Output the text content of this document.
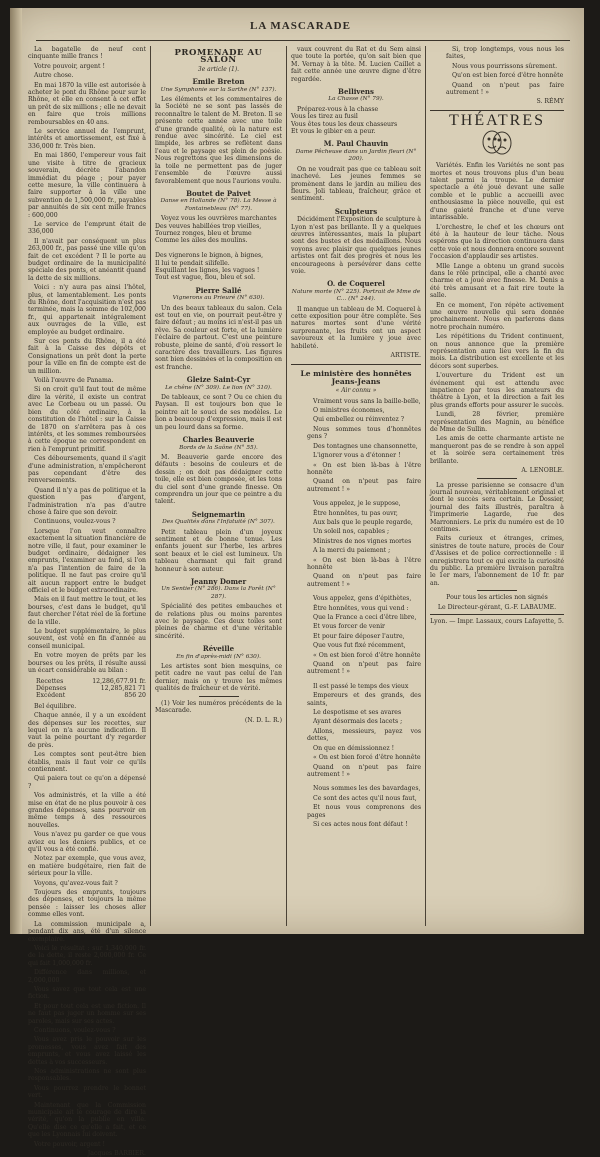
LA MASCARADE

La bagatelle de neuf cent cinquante mille francs !

Votre pouvoir, argent !

Autre chose.

En mai 1870 la ville est autorisée à acheter le pont du Rhône pour sur le Rhône, et elle en consent à cet effet un prêt de six millions ; elle ne devait en faire que trois millions remboursables en 40 ans.

Le service annuel de l'emprunt, intérêts et amortissement, est fixé à 336,000 fr. Très bien.

En mai 1860, l'empereur vous fait une visite à titre de gracieux souverain, décrète l'abandon immédiat du péage ; pour payer cette mesure, la ville continuera à faire supporter à la ville une subvention de 1,500,000 fr., payables par annuités de six cent mille francs : 600,000

Le service de l'emprunt était de 336,000

Il n'avait par conséquent un plus 263,000 fr., pas passé une ville qu'on fait de cet excédent ? Il le porte au budget ordinaire de la municipalité spéciale des ponts, et anéantit quand la dette de six millions.

Voici : n'y aura pas ainsi l'hôtel, plus, et lamentablement. Les ponts du Rhône, dont l'acquisition n'est pas terminée, mais la somme de 102,000 fr., qui appartenait intégralement aux ouvrages de la ville, est employée au budget ordinaire.

Sur ces ponts du Rhône, il a été fait à la Caisse des dépôts et Consignations un prêt dont la perte pour la ville en fin de compte est de un million.

Voilà l'œuvre de Panama.

Si on croit qu'il faut tout de même dire la vérité, il existe un contrat avec Le Corbeau ou un passé. Ou bien du côté ordinaire, à la constitution de l'hôtel : sur la Caisse de 1870 on s'arrêtera pas à ces intérêts, et les sommes remboursées à cette époque ne correspondent en rien à l'emprunt primitif.

Ces déboursements, quand il s'agit d'une administration, n'empêcheront pas cependant d'être des renversements.

Quand il n'y a pas de politique et la question pas d'argent, l'administration n'a pas d'autre chose à faire que son devoir.

Continuons, voulez-vous ?

Lorsque l'on veut connaître exactement la situation financière de notre ville, il faut, pour examiner le budget ordinaire, dédaigner les emprunts, l'examiner au fond, si l'on n'a pas l'intention de faire de la politique. Il ne faut pas croire qu'il ait aucun rapport entre le budget officiel et le budget extraordinaire.

Mais en il faut mettre le tout, et les bourses, c'est dans le budget, qu'il faut chercher l'état réel de la fortune de la ville.

Le budget supplémentaire, le plus souvent, est voté en fin d'année au conseil municipal.

En votre moyen de prêts par les bourses ou les prêts, il résulte aussi un écart considérable au bilan :

Recettes	12,286,677.91 fr.
Dépenses	12,285,821 71
Excédent	856 20

Bel équilibre.

Chaque année, il y a un excédent des dépenses sur les recettes, sur lequel on n'a aucune indication. Il vaut la peine pourtant d'y regarder de près.

Les comptes sont peut-être bien établis, mais il faut voir ce qu'ils contiennent.

Qui paiera tout ce qu'on a dépensé ?

Vos administrés, et la ville a été mise en état de ne plus pouvoir à ces grandes dépenses, sans pourvoir en même temps à des ressources nouvelles.

Vous n'avez pu garder ce que vous aviez eu les deniers publics, et ce qu'il vous a été confié.

Notez par exemple, que vous avez, en matière budgétaire, rien fait de sérieux pour la ville.

Voyons, qu'avez-vous fait ?

Toujours des emprunts, toujours des dépenses, et toujours la même pensée : laisser les choses aller comme elles vont.

La commission municipale a, pendant dix ans, été d'un silence exemplaire.

Voici le résultat : sur 1,340,000 fr. de la dette, il reste 2,000,000 fr. Ce qui fait 1,000,000 fr.

Différence dans millions, et 2,000,000

Vous savez que tout cela est une fiction.

Et pour tout cela est une fiction. Il ne faut pas juger un homme sur ses paroles, mais sur ses actes.

Continuons, voulez-vous ?

Vous avez pris le pouvoir sur les promesses, vous avez fait des emprunts, et vous avez laissé les dettes à vos successeurs.

Nos administrations ne sont plus responsables.

Vous pourrez prendre le bonnet vert.

Maintenant que la Commission municipale ait le courage de dire la vérité, qu'on la publie en ville. Qu'elle dise ce qu'elle a fait, et ce que les Lyonnais lui doivent.

Votre pouvoir, argent !

Jacques BARBIER.

PROMENADE AU SALON
3e article (1).
Emile Breton
Une Symphonie sur la Sarthe (N° 137).

Les éléments et les commentaires de la Société ne se sont pas lassés de reconnaître le talent de M. Breton. Il se présente cette année avec une toile d'une grande qualité, où la nature est rendue avec sincérité. Le ciel est limpide, les arbres se reflètent dans l'eau et le paysage est plein de poésie. Nous regrettons que les dimensions de la toile ne permettent pas de juger l'ensemble de l'œuvre aussi favorablement que nous l'aurions voulu.

Boutet de Paivet
Danse en Hollande (N° 78). La Messe à Fontainebleau (N° 77).

Voyez vous les ouvrières marchantes
Des veuves habillées trop vieilles,
Tournez ronges, bleu et brume
Comme les ailes des moulins.

Des vignerons le bignon, à bignes,
Il lui te pendait silifelle.
Esquillant les lignes, les vagues !
Tout est vague, flou, bleu et sol.

Pierre Sallé
Vignerons au Prieuré (N° 630).

Un des beaux tableaux du salon. Cela est tout en vie, on pourrait peut-être y faire défaut ; au moins ici n'est-il pas un rêve. Sa couleur est forte, et la lumière l'éclaire de partout. C'est une peinture robuste, pleine de santé, d'où ressort le caractère des travailleurs. Les figures sont bien dessinées et la composition en est franche.

Gleize Saint-Cyr
Le chêne (N° 309). Le lion (N° 310).

De tableaux, ce sont ? Ou ce chien du Paysan. Il est toujours bon que le peintre ait le souci de ses modèles. Le lion a beaucoup d'expression, mais il est un peu lourd dans sa forme.

Charles Beauverie
Bords de la Saône (N° 55).

M. Beauverie garde encore des défauts : besoins de couleurs et de dessin ; on doit pas dédaigner cette toile, elle est bien composée, et les tons du ciel sont d'une grande finesse. On comprendra un jour que ce peintre a du talent.

Seignemartin
Des Qualités dans l'Infatuité (N° 307).

Petit tableau plein d'un joyeux sentiment et de bonne tenue. Les enfants jouent sur l'herbe, les arbres sont beaux et le ciel est lumineux. Un tableau charmant qui fait grand honneur à son auteur.

Jeanny Domer
Un Sentier (N° 286). Dans la Forêt (N° 287).

Spécialité des petites embauches et de relations plus ou moins parentes avec le paysage. Ces deux toiles sont pleines de charme et d'une véritable sincérité.

Réveille
En fin d'après-midi (N° 630).

Les artistes sont bien mesquins, ce petit cadre ne vaut pas celui de l'an dernier, mais on y trouve les mêmes qualités de fraîcheur et de vérité.

(1) Voir les numéros précédents de la Mascarade.

(N. D. L. R.)

vaux couvrent du Rat et du Sem ainsi que toute la portée, qu'on sait bien que M. Vernay à la tête. M. Lucien Caillet a fait cette année une œuvre digne d'être regardée.

Bellivens
La Chasse (N° 79).

Préparez-vous à la chasse
Vous les tirez au fusil
Vous êtes tous les deux chasseurs
Et vous le gibier en a peur.

M. Paul Chauvin
Dame Pêcheuse dans un Jardin fleuri (N° 200).

On ne voudrait pas que ce tableau soit inachevé. Les jeunes femmes se promènent dans le jardin au milieu des fleurs. Joli tableau, fraîcheur, grâce et sentiment.

Sculpteurs

Décidément l'Exposition de sculpture à Lyon n'est pas brillante. Il y a quelques œuvres intéressantes, mais la plupart sont des bustes et des médaillons. Nous voyons avec plaisir que quelques jeunes artistes ont fait des progrès et nous les encourageons à persévérer dans cette voie.

O. de Coquerel
Nature morte (N° 225). Portrait de Mme de C... (N° 244).

Il manque un tableau de M. Coquerel à cette exposition pour être complète. Ses natures mortes sont d'une vérité surprenante, les fruits ont un aspect savoureux et la lumière y joue avec habileté.

ARTISTE.

Le ministère des honnêtes Jeans-Jeans
« Air connu »

Vraiment vous sans la baille-belle,

O ministres économes,

Qui embellez ou réinventez ?

Nous sommes tous d'honnêtes gens ?

Des tontagnes une chansonnette,

L'ignorer vous a d'étonner !

« On est bien là-bas à l'être honnête

Quand on n'peut pas faire autrement ! »

Vous appelez, je le suppose,

Être honnêtes, tu pas ouvr,

Aux bals que le peuple regarde,

Un soleil nos, capables ;

Ministres de nos vignes mortes

A la merci du paiement ;

« On est bien là-bas à l'être honnête

Quand on n'peut pas faire autrement ! »

Vous appelez, gens d'épithètes,

Être honnêtes, vous qui vend :

Que la France a ceci d'être libre,

Et vous forcer de venir

Et pour faire déposer l'autre,

Que vous fut fixé récemment,

« On est bien forcé d'être honnête

Quand on n'peut pas faire autrement ! »

Il est passé le temps des vieux

Empereurs et des grands, des saints,

Le despotisme et ses avares

Ayant désormais des lacets ;

Allons, messieurs, payez vos dettes,

On que en démissionnez !

« On est bien forcé d'être honnête

Quand on n'peut pas faire autrement ! »

Nous sommes les des bavardages,

Ce sont des actes qu'il nous faut,

Et nous vous comprenons des pages

Si ces actes nous font défaut !

Si, trop longtemps, vous nous les faites,

Nous vous pourrissons sûrement.

Qu'on est bien forcé d'être honnête

Quand on n'peut pas faire autrement ! »

S. RÉMY

THÉATRES

Variétés. Enfin les Variétés ne sont pas mortes et nous trouvons plus d'un beau talent parmi la troupe. Le dernier spectacle a été joué devant une salle comble et le public a accueilli avec enthousiasme la pièce nouvelle, qui est d'une gaieté franche et d'une verve intarissable.

L'orchestre, le chef et les chœurs ont été à la hauteur de leur tâche. Nous espérons que la direction continuera dans cette voie et nous donnera encore souvent l'occasion d'applaudir ses artistes.

Mlle Lange a obtenu un grand succès dans le rôle principal, elle a chanté avec charme et a joué avec finesse. M. Denis a été très amusant et a fait rire toute la salle.

En ce moment, l'on répète activement une œuvre nouvelle qui sera donnée prochainement. Nous en parlerons dans notre prochain numéro.

Les répétitions du Trident continuent, on nous annonce que la première représentation aura lieu vers la fin du mois. La distribution est excellente et les décors sont superbes.

L'ouverture du Trident est un événement qui est attendu avec impatience par tous les amateurs du théâtre à Lyon, et la direction a fait les plus grands efforts pour assurer le succès.

Lundi, 28 février, première représentation des Magnin, au bénéfice de Mme de Sullin.

Les amis de cette charmante artiste ne manqueront pas de se rendre à son appel et la soirée sera certainement très brillante.

A. LENOBLE.

La presse parisienne se consacre d'un journal nouveau, véritablement original et dont le succès sera certain. Le Dossier, journal des faits illustrés, paraîtra à l'imprimerie Lagarde, rue des Marronniers. Le prix du numéro est de 10 centimes.

Faits curieux et étranges, crimes, sinistres de toute nature, procès de Cour d'Assises et de police correctionnelle : il enregistrera tout ce qui excite la curiosité du public. La première livraison paraîtra le 1er mars, l'abonnement de 10 fr. par an.

Pour tous les articles non signés

Le Directeur-gérant, G.-F. LABAUME.

Lyon. — Impr. Lassaux, cours Lafayette, 5.
